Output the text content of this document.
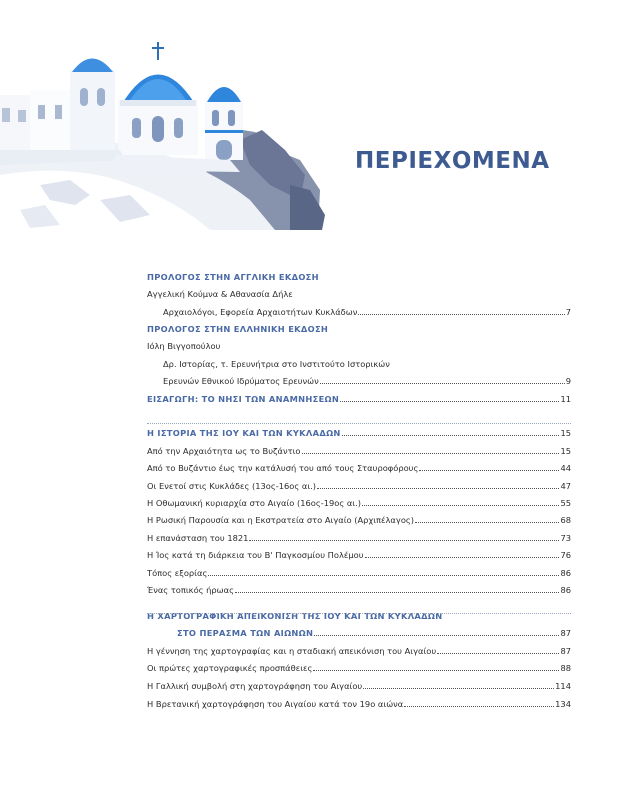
ΠΕΡΙΕΧΟΜΕΝΑ
ΠΡΟΛΟΓΟΣ ΣΤΗΝ ΑΓΓΛΙΚΗ ΕΚΔΟΣΗ
Αγγελική Κούμνα & Αθανασία Δήλε
Αρχαιολόγοι, Εφορεία Αρχαιοτήτων Κυκλάδων	7
ΠΡΟΛΟΓΟΣ ΣΤΗΝ ΕΛΛΗΝΙΚΗ ΕΚΔΟΣΗ
Ιόλη Βιγγοπούλου
Δρ. Ιστορίας, τ. Ερευνήτρια στο Ινστιτούτο Ιστορικών
Ερευνών Εθνικού Ιδρύματος Ερευνών	9
ΕΙΣΑΓΩΓΗ: ΤΟ ΝΗΣΙ ΤΩΝ ΑΝΑΜΝΗΣΕΩΝ	11
Η ΙΣΤΟΡΙΑ ΤΗΣ ΙΟΥ ΚΑΙ ΤΩΝ ΚΥΚΛΑΔΩΝ	15
Από την Αρχαιότητα ως το Βυζάντιο	15
Από το Βυζάντιο έως την κατάλυσή του από τους Σταυροφόρους	44
Οι Ενετοί στις Κυκλάδες (13ος-16ος αι.)	47
Η Οθωμανική κυριαρχία στο Αιγαίο (16ος-19ος αι.)	55
Η Ρωσική Παρουσία και η Εκστρατεία στο Αιγαίο (Αρχιπέλαγος)	68
Η επανάσταση του 1821	73
Η Ίος κατά τη διάρκεια του Β' Παγκοσμίου Πολέμου	76
Τόπος εξορίας	86
Ένας τοπικός ήρωας	86
Η ΧΑΡΤΟΓΡΑΦΙΚΗ ΑΠΕΙΚΟΝΙΣΗ ΤΗΣ ΙΟΥ ΚΑΙ ΤΩΝ ΚΥΚΛΑΔΩΝ
ΣΤΟ ΠΕΡΑΣΜΑ ΤΩΝ ΑΙΩΝΩΝ	87
Η γέννηση της χαρτογραφίας και η σταδιακή απεικόνιση του Αιγαίου	87
Οι πρώτες χαρτογραφικές προσπάθειες	88
Η Γαλλική συμβολή στη χαρτογράφηση του Αιγαίου	114
Η Βρετανική χαρτογράφηση του Αιγαίου κατά τον 19ο αιώνα	134
